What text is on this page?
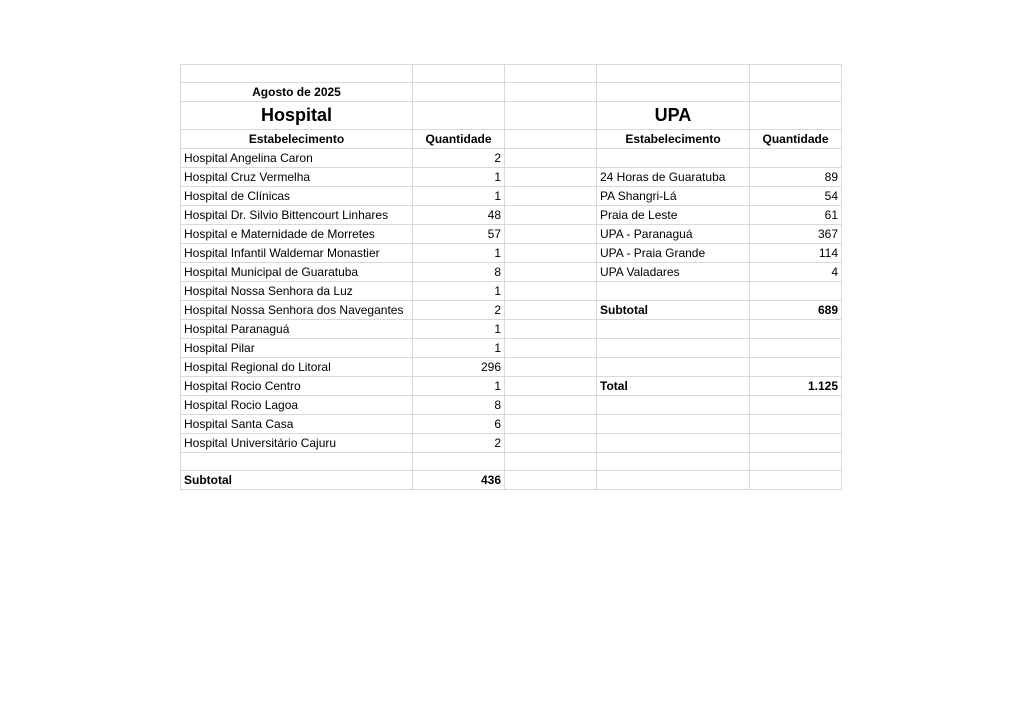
Agosto de 2025				
Hospital			UPA	
Estabelecimento	Quantidade		Estabelecimento	Quantidade
Hospital Angelina Caron	2			
Hospital Cruz Vermelha	1		24 Horas de Guaratuba	89
Hospital de Clínicas	1		PA Shangri-Lá	54
Hospital Dr. Silvio Bittencourt Linhares	48		Praia de Leste	61
Hospital e Maternidade de Morretes	57		UPA - Paranaguá	367
Hospital Infantil Waldemar Monastier	1		UPA - Praia Grande	114
Hospital Municipal de Guaratuba	8		UPA Valadares	4
Hospital Nossa Senhora da Luz	1			
Hospital Nossa Senhora dos Navegantes	2		Subtotal	689
Hospital Paranaguá	1			
Hospital Pilar	1			
Hospital Regional do Litoral	296			
Hospital Rocio Centro	1		Total	1.125
Hospital Rocio Lagoa	8			
Hospital Santa Casa	6			
Hospital Universitário Cajuru	2			

Subtotal	436			
